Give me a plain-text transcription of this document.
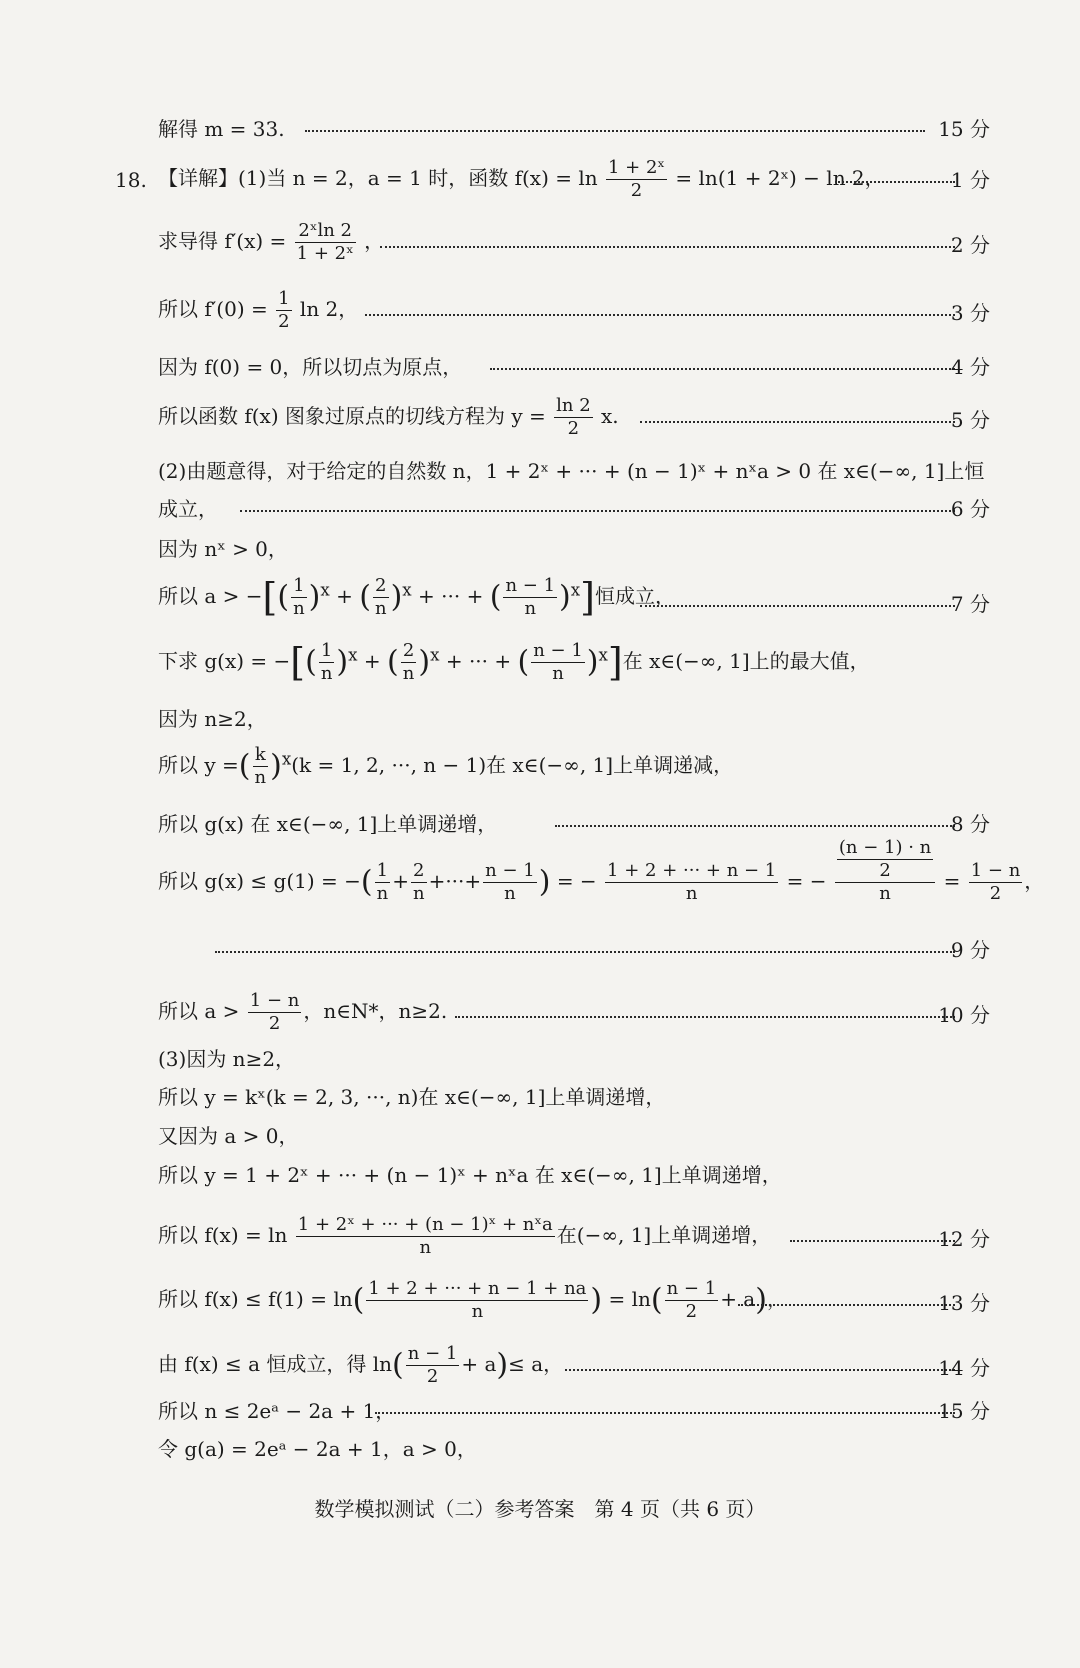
解得 m = 33.	15 分
18. 【详解】(1)当 n = 2，a = 1 时，函数 $f(x) = \ln \frac{\text{1 + 2ˣ}}{2} = \ln(1$ + 2ˣ) − ln 2，	1 分
求导得 $f'(x) = \frac{\text{2ˣln 2}}{\text{1 + 2ˣ}}$ ，	2 分
所以 $f'(0) = \frac{1}{2}$ ln 2，	3 分
因为 f(0) = 0，所以切点为原点，	4 分
所以函数 f(x) 图象过原点的切线方程为 $y = \frac{\ln 2}{2} x$.	5 分
(2)由题意得，对于给定的自然数 n，1 + 2ˣ + ··· + (n − 1)ˣ + nˣa > 0 在 x∈(−∞, 1]上恒
成立，	6 分
因为 nˣ > 0，
所以 a > −[( $\frac{1}{n} )^x$ + ( $\frac{2}{n} )^x$ + ··· + ( $\frac{n - 1}{n} )^x$]恒成立，	7 分
下求 g(x) = −[( $\frac{1}{n} )^x$ + ( $\frac{2}{n} )^x$ + ··· + ( $\frac{n - 1}{n} )^x$]在 x∈(−∞, 1]上的最大值，
因为 n≥2，
所以 y =( $\frac{k}{n} )^x(k = 1$, 2, ···, n − 1)在 x∈(−∞, 1]上单调递减，
所以 g(x) 在 x∈(−∞, 1]上单调递增，	8 分
所以 g(x) ≤ g(1) = −( $\frac{1}{n} + \frac{2}{n}$ +···+ $\frac{n - 1}{n}$ ) = − $\frac{1 + 2 + \cdot\cdot\cdot + n - 1}{n}$ = − $\frac{\frac{(n - 1) \cdot n}{2}}{n} = \frac{1 - n}{2}$ ，
9 分
所以 $a > \frac{1 - n}{2}$ ，n∈N*，n≥2.	10 分
(3)因为 n≥2，
所以 y = kˣ(k = 2, 3, ···, n)在 x∈(−∞, 1]上单调递增，
又因为 a > 0，
所以 y = 1 + 2ˣ + ··· + (n − 1)ˣ + nˣa 在 x∈(−∞, 1]上单调递增，
所以 $f(x) = \ln \frac{\text{1 + 2ˣ + ··· + (n − 1)ˣ + nˣa}}{n}$ 在(−∞, 1]上单调递增，	12 分
所以 $f(x) \le f(1) = \ln( \frac{1 + 2 + \cdot\cdot\cdot + n - 1 + na}{n}$ ) = $\ln( \frac{n - 1}{2} + a)$，	13 分
由 f(x) ≤ a 恒成立，得 $\ln( \frac{n - 1}{2} + a)\le a$，	14 分
所以 n ≤ 2eᵃ − 2a + 1，	15 分
令 g(a) = 2eᵃ − 2a + 1，a > 0，
数学模拟测试（二）参考答案　第 4 页（共 6 页）
